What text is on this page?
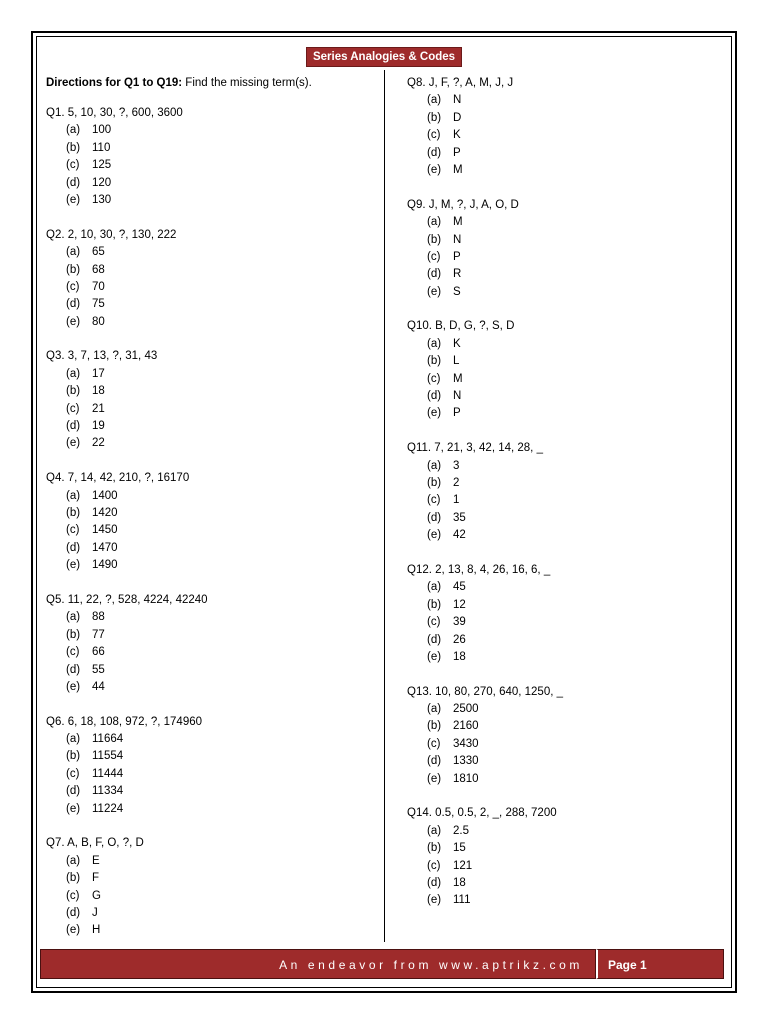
Series Analogies & Codes
Directions for Q1 to Q19: Find the missing term(s).
Q1. 5, 10, 30, ?, 600, 3600
(a) 100
(b) 110
(c) 125
(d) 120
(e) 130
Q2. 2, 10, 30, ?, 130, 222
(a) 65
(b) 68
(c) 70
(d) 75
(e) 80
Q3. 3, 7, 13, ?, 31, 43
(a) 17
(b) 18
(c) 21
(d) 19
(e) 22
Q4. 7, 14, 42, 210, ?, 16170
(a) 1400
(b) 1420
(c) 1450
(d) 1470
(e) 1490
Q5. 11, 22, ?, 528, 4224, 42240
(a) 88
(b) 77
(c) 66
(d) 55
(e) 44
Q6. 6, 18, 108, 972, ?, 174960
(a) 11664
(b) 11554
(c) 11444
(d) 11334
(e) 11224
Q7. A, B, F, O, ?, D
(a) E
(b) F
(c) G
(d) J
(e) H
Q8. J, F, ?, A, M, J, J
(a) N
(b) D
(c) K
(d) P
(e) M
Q9. J, M, ?, J, A, O, D
(a) M
(b) N
(c) P
(d) R
(e) S
Q10. B, D, G, ?, S, D
(a) K
(b) L
(c) M
(d) N
(e) P
Q11. 7, 21, 3, 42, 14, 28, _
(a) 3
(b) 2
(c) 1
(d) 35
(e) 42
Q12. 2, 13, 8, 4, 26, 16, 6, _
(a) 45
(b) 12
(c) 39
(d) 26
(e) 18
Q13. 10, 80, 270, 640, 1250, _
(a) 2500
(b) 2160
(c) 3430
(d) 1330
(e) 1810
Q14. 0.5, 0.5, 2, _, 288, 7200
(a) 2.5
(b) 15
(c) 121
(d) 18
(e) 111
An endeavor from www.aptrikz.com	Page 1
